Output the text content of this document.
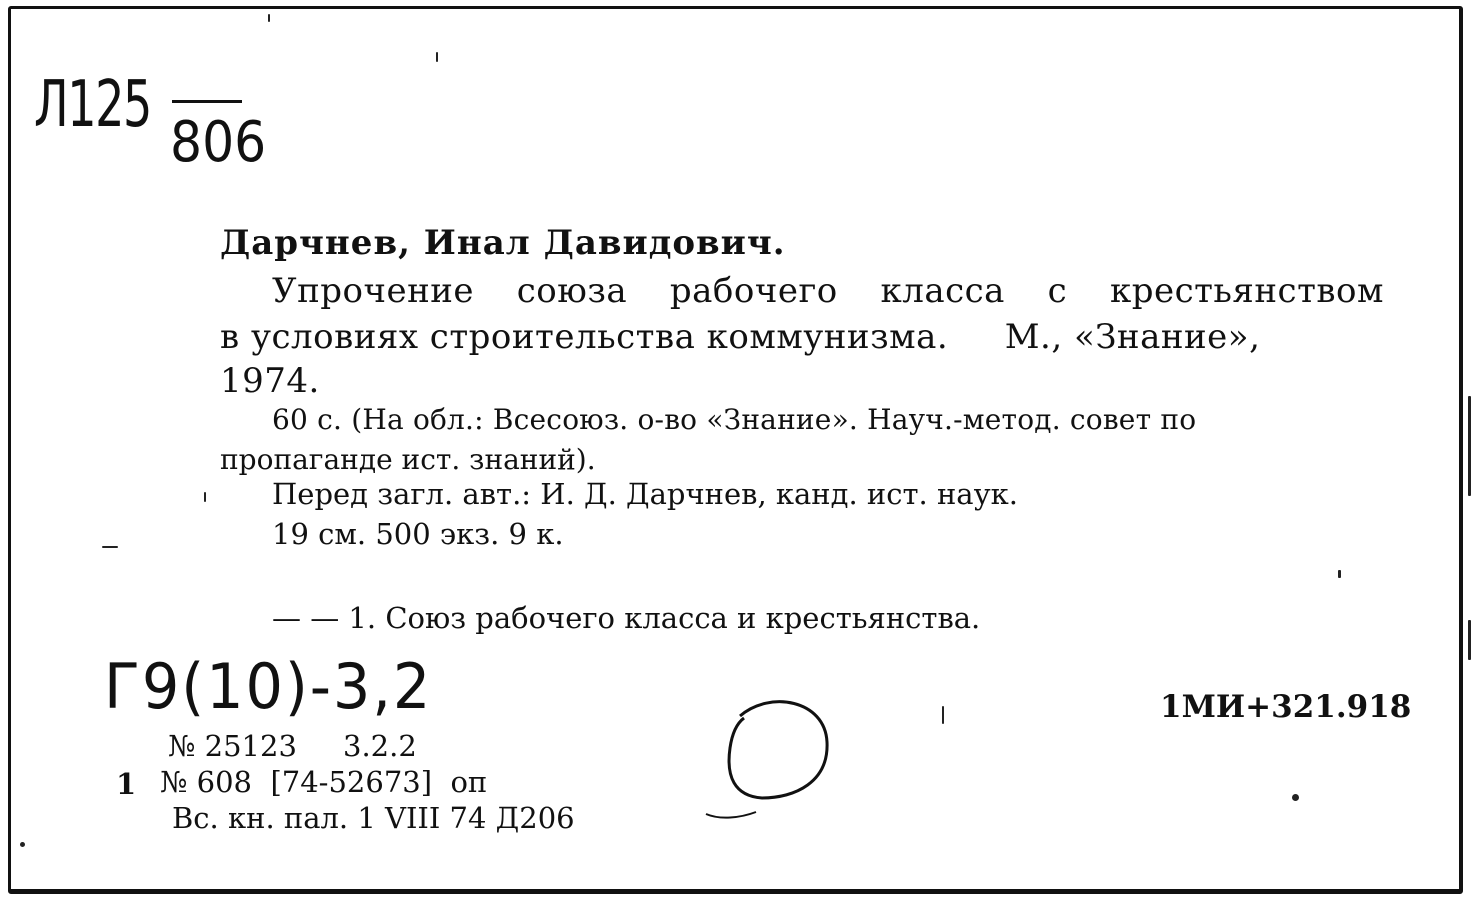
Л125
806
Дарчнев, Инал Давидович.
Упрочение союза рабочего класса с крестьянством
в условиях строительства коммунизма.     М., «Знание»,
1974.
60 с. (На обл.: Всесоюз. о-во «Знание». Науч.-метод. совет по
пропаганде ист. знаний).
Перед загл. авт.: И. Д. Дарчнев, канд. ист. наук.
19 см. 500 экз. 9 к.
— — 1. Союз рабочего класса и крестьянства.
Г9(10)-3,2	1МИ+321.918
№ 25123     3.2.2
1 № 608  [74-52673]  оп
Вс. кн. пал. 1 VIII 74 Д206
